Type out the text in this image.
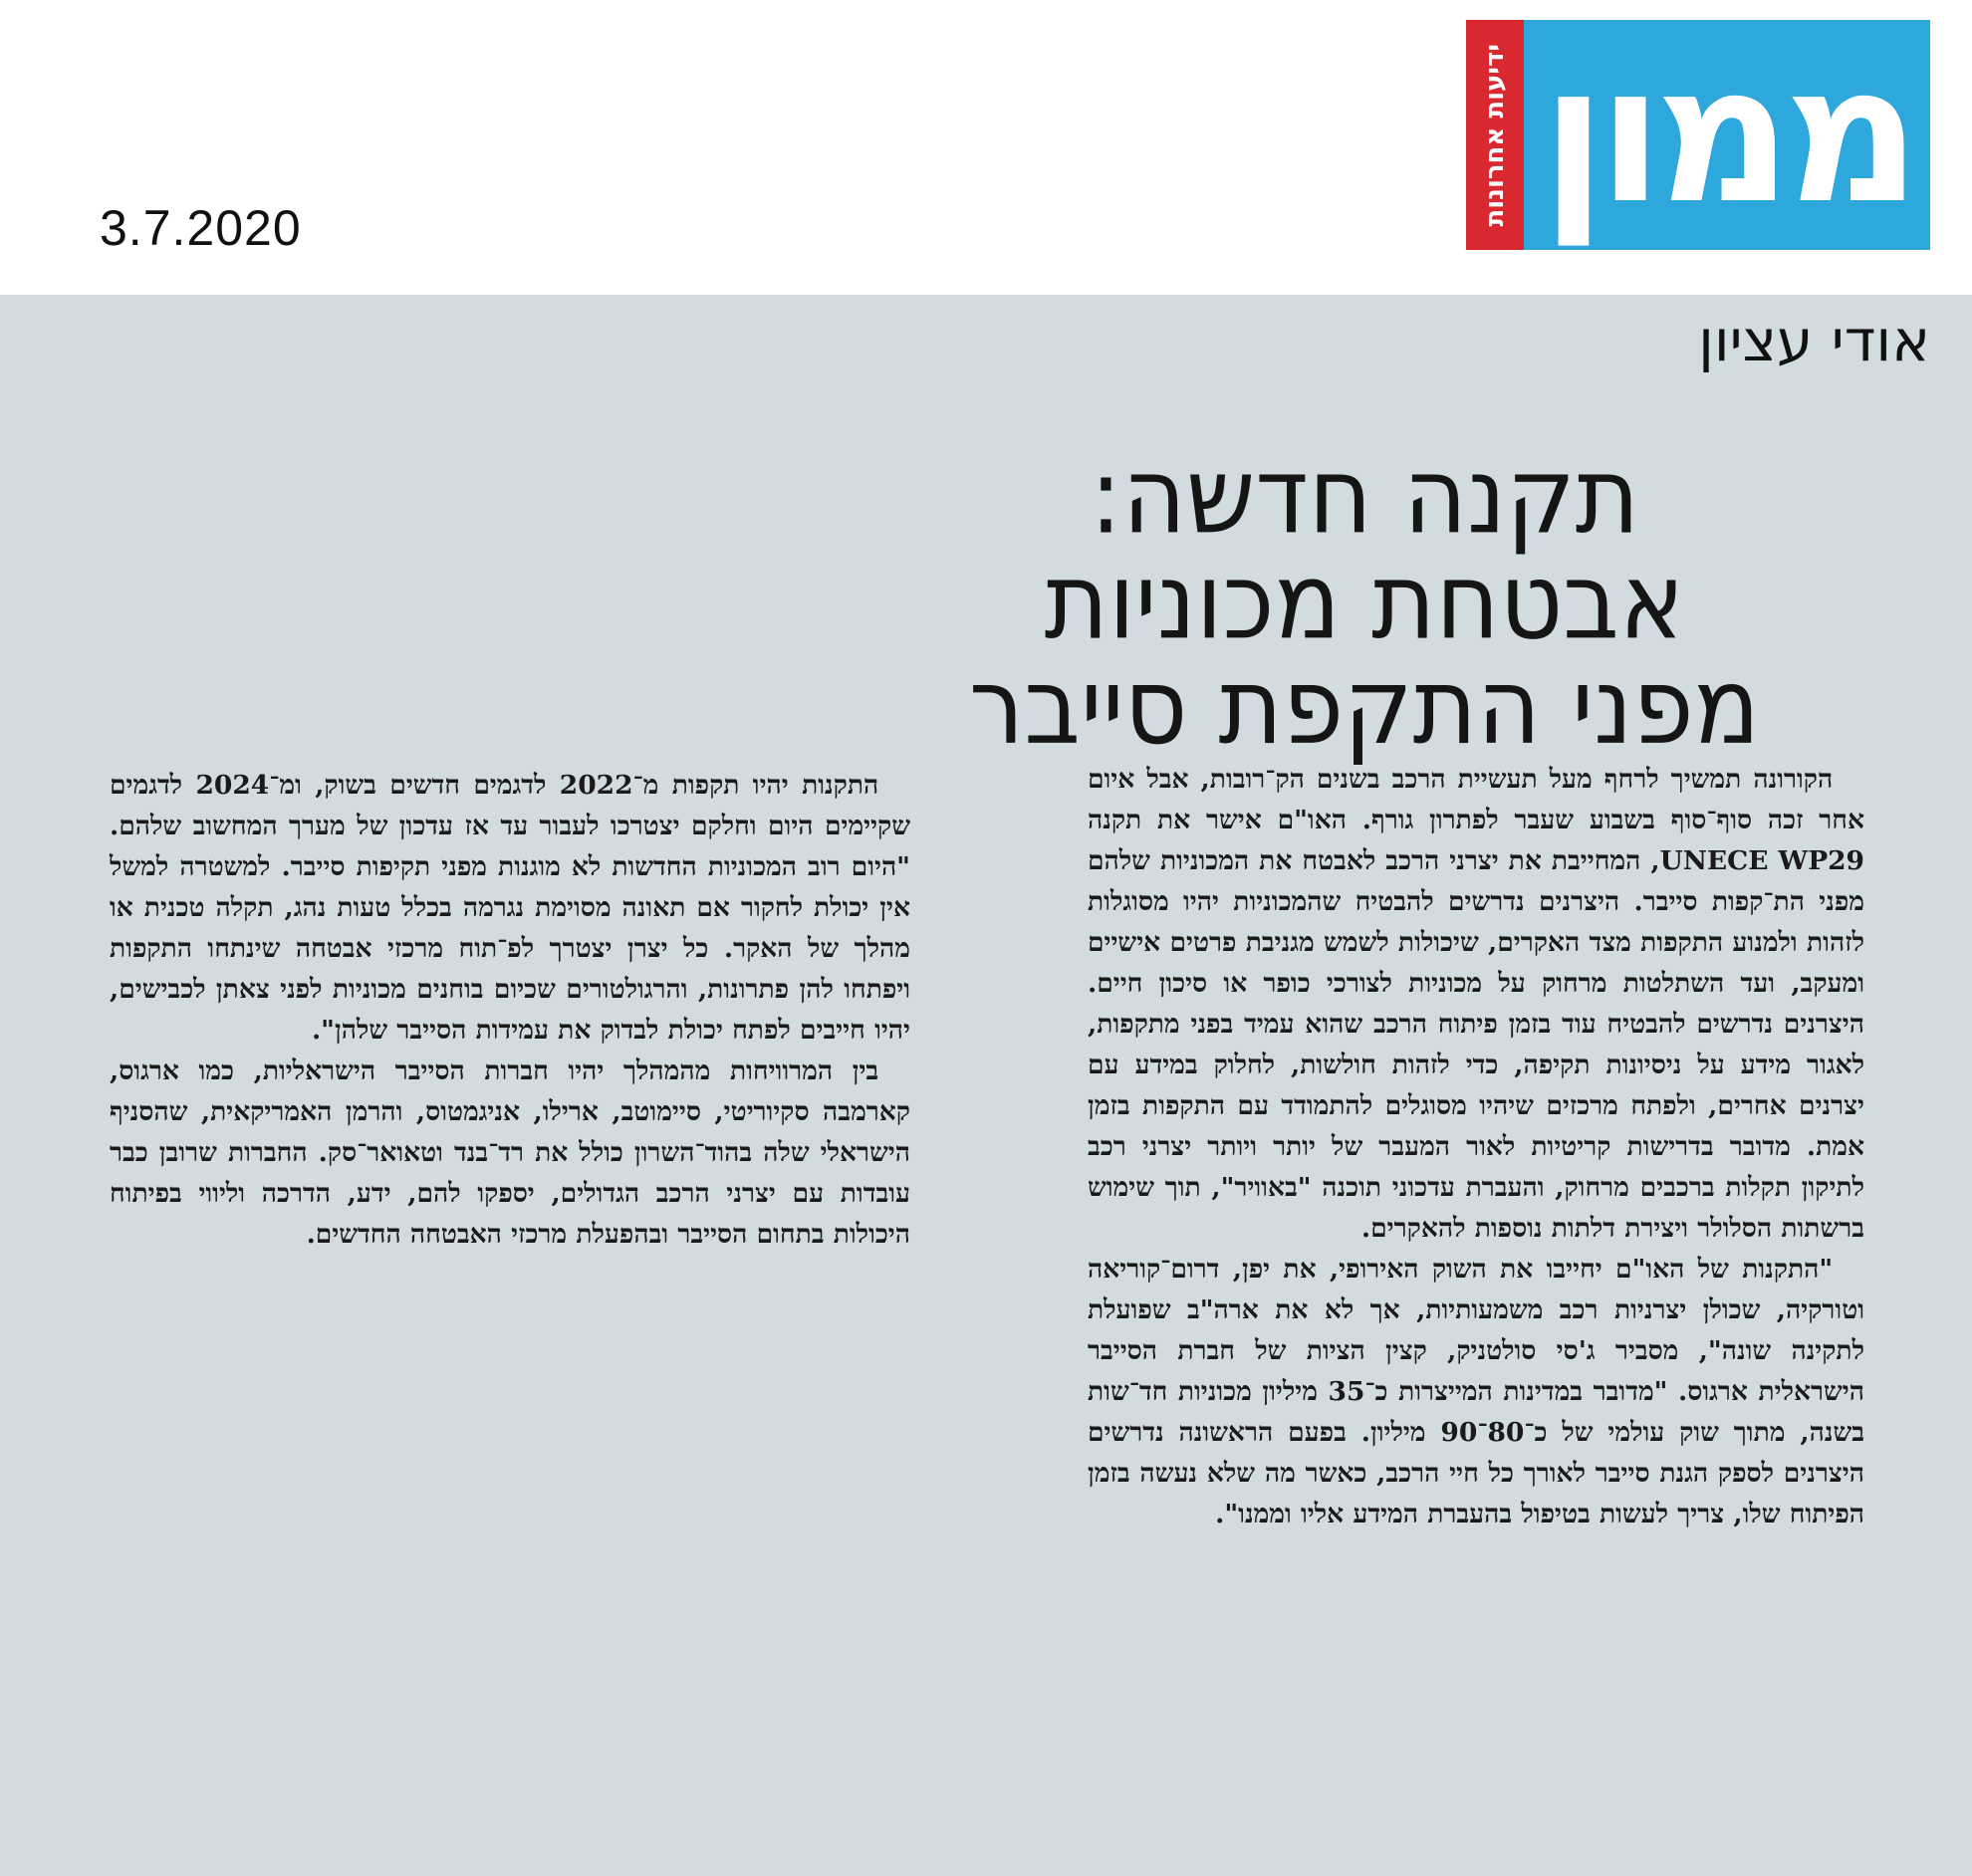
3.7.2020
ידיעות אחרונות ממון
אודי עציון
תקנה חדשה:
אבטחת מכוניות
מפני התקפת סייבר

הקורונה תמשיך לרחף מעל תעשיית הרכב בשנים הק־רובות, אבל איום אחר זכה סוף־סוף בשבוע שעבר לפתרון גורף. האו"ם אישר את תקנה UNECE WP29, המחייבת את יצרני הרכב לאבטח את המכוניות שלהם מפני הת־קפות סייבר. היצרנים נדרשים להבטיח שהמכוניות יהיו מסוגלות לזהות ולמנוע התקפות מצד האקרים, שיכולות לשמש מגניבת פרטים אישיים ומעקב, ועד השתלטות מרחוק על מכוניות לצורכי כופר או סיכון חיים. היצרנים נדרשים להבטיח עוד בזמן פיתוח הרכב שהוא עמיד בפני מתקפות, לאגור מידע על ניסיונות תקיפה, כדי לזהות חולשות, לחלוק במידע עם יצרנים אחרים, ולפתח מרכזים שיהיו מסוגלים להתמודד עם התקפות בזמן אמת. מדובר בדרישות קריטיות לאור המעבר של יותר ויותר יצרני רכב לתיקון תקלות ברכבים מרחוק, והעברת עדכוני תוכנה "באוויר", תוך שימוש ברשתות הסלולר ויצירת דלתות נוספות להאקרים.

"התקנות של האו"ם יחייבו את השוק האירופי, את יפן, דרום־קוריאה וטורקיה, שכולן יצרניות רכב משמעותיות, אך לא את ארה"ב שפועלת לתקינה שונה", מסביר ג'סי סולטניק, קצין הציות של חברת הסייבר הישראלית ארגוס. "מדובר במדינות המייצרות כ־35 מיליון מכוניות חד־שות בשנה, מתוך שוק עולמי של כ־80־90 מיליון. בפעם הראשונה נדרשים היצרנים לספק הגנת סייבר לאורך כל חיי הרכב, כאשר מה שלא נעשה בזמן הפיתוח שלו, צריך לעשות בטיפול בהעברת המידע אליו וממנו".

התקנות יהיו תקפות מ־2022 לדגמים חדשים בשוק, ומ־2024 לדגמים שקיימים היום וחלקם יצטרכו לעבור עד אז עדכון של מערך המחשוב שלהם. "היום רוב המכוניות החדשות לא מוגנות מפני תקיפות סייבר. למשטרה למשל אין יכולת לחקור אם תאונה מסוימת נגרמה בכלל טעות נהג, תקלה טכנית או מהלך של האקר. כל יצרן יצטרך לפ־תוח מרכזי אבטחה שינתחו התקפות ויפתחו להן פתרונות, והרגולטורים שכיום בוחנים מכוניות לפני צאתן לכבישים, יהיו חייבים לפתח יכולת לבדוק את עמידות הסייבר שלהן".

בין המרוויחות מהמהלך יהיו חברות הסייבר הישראליות, כמו ארגוס, קארמבה סקיוריטי, סיימוטב, ארילו, אניגמטוס, והרמן האמריקאית, שהסניף הישראלי שלה בהוד־השרון כולל את רד־בנד וטאואר־סק. החברות שרובן כבר עובדות עם יצרני הרכב הגדולים, יספקו להם, ידע, הדרכה וליווי בפיתוח היכולות בתחום הסייבר ובהפעלת מרכזי האבטחה החדשים.
